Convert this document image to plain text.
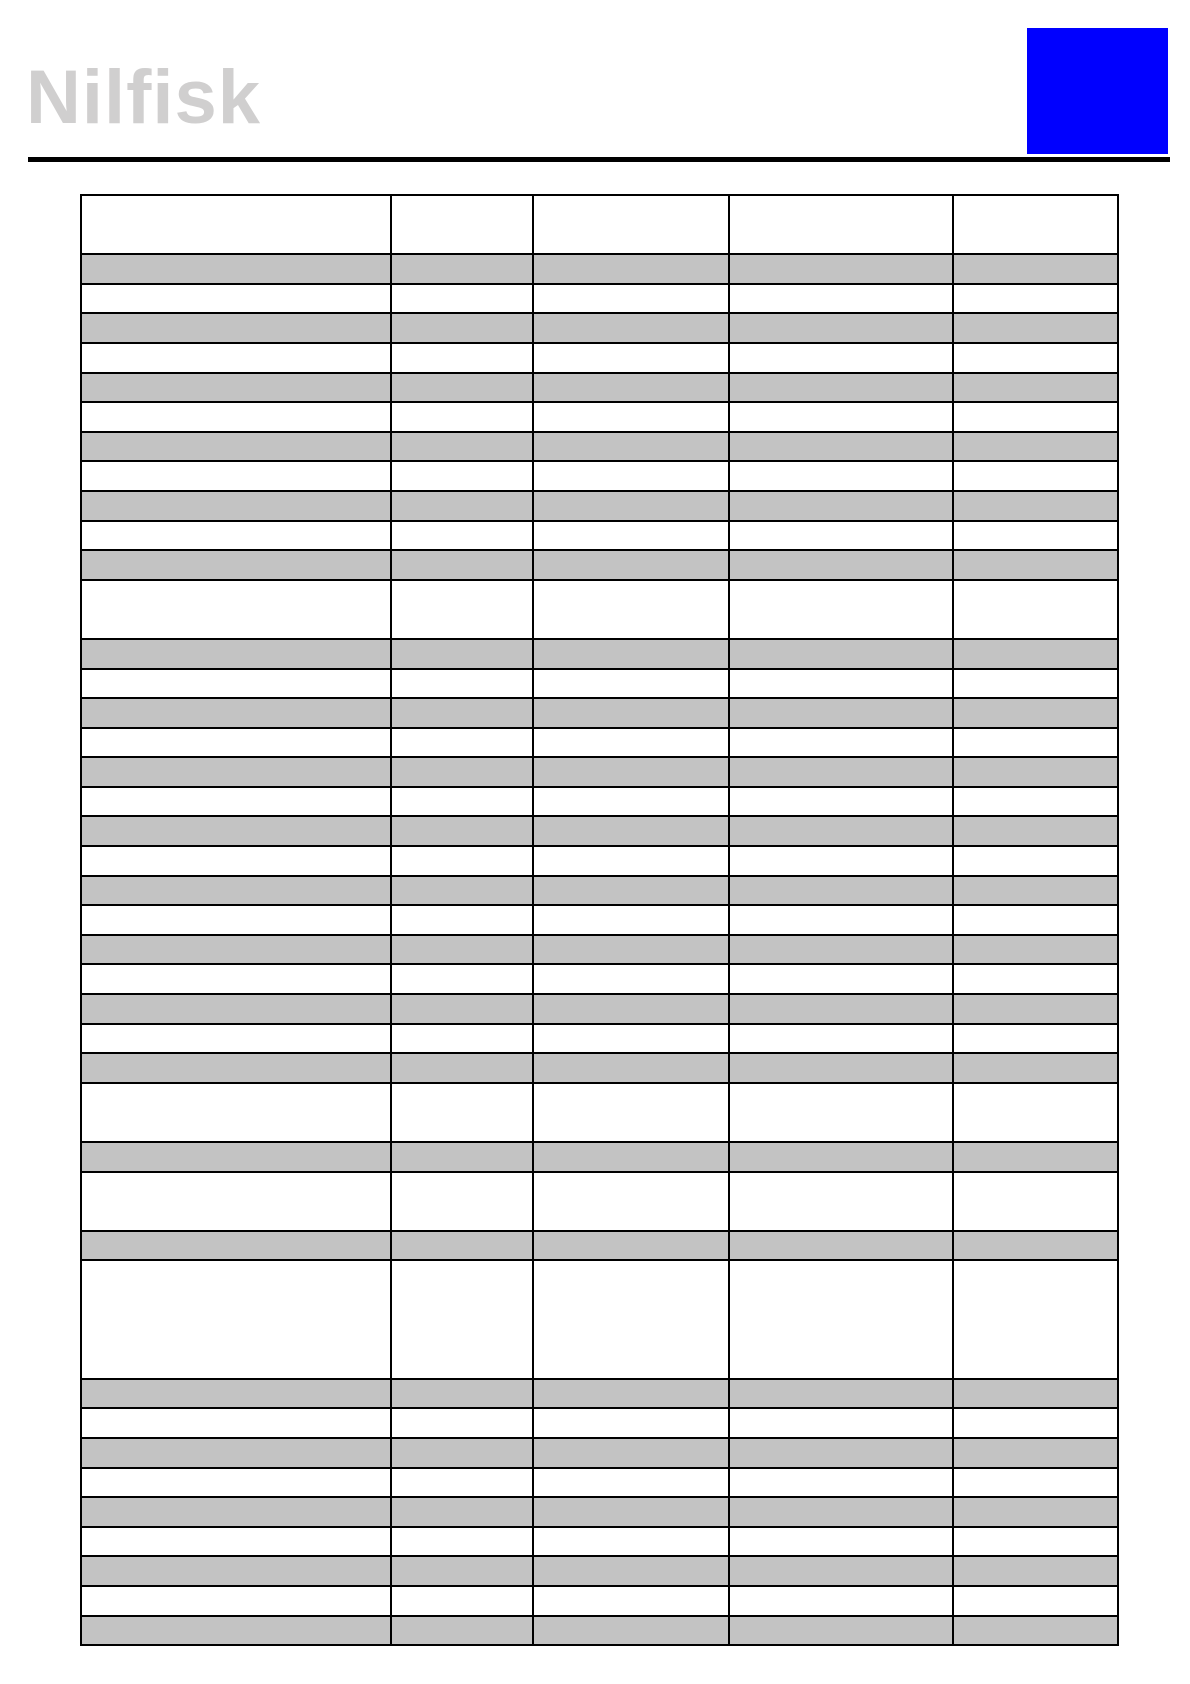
Nilfisk
